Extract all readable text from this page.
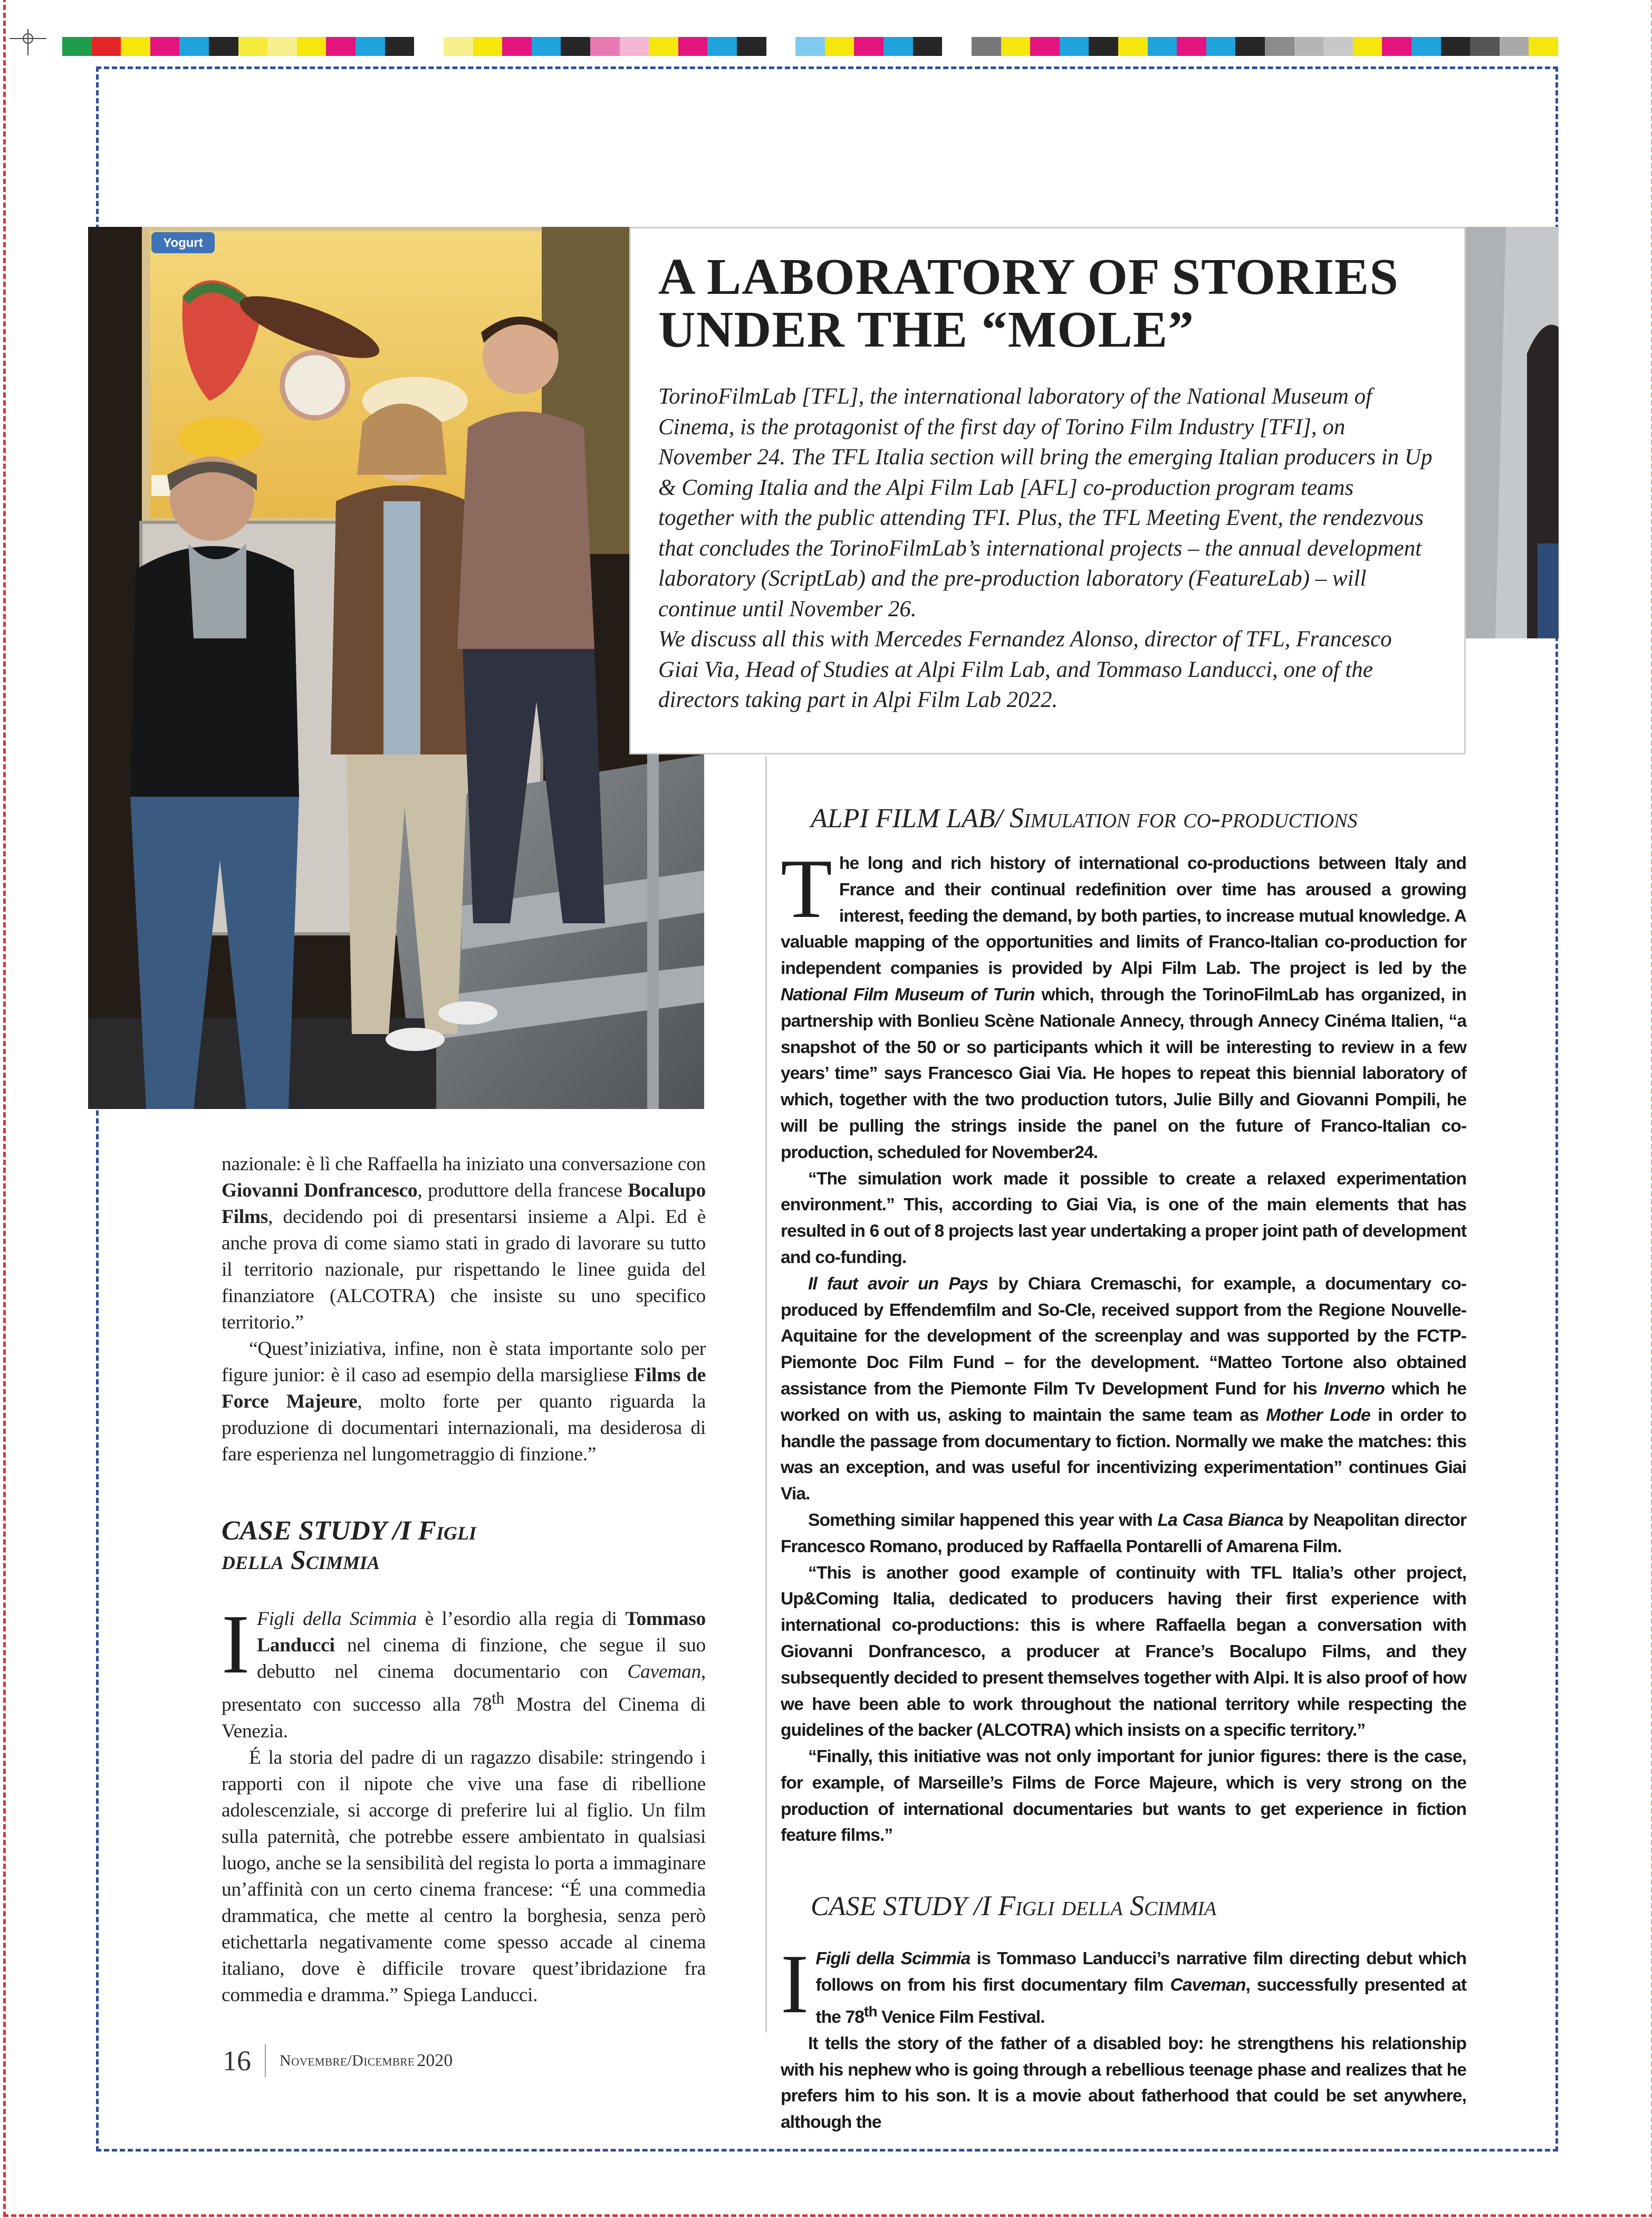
Yogurt
A LABORATORY OF STORIES
UNDER THE “MOLE”

TorinoFilmLab [TFL], the international laboratory of the National Museum of Cinema, is the protagonist of the first day of Torino Film Industry [TFI], on November 24. The TFL Italia section will bring the emerging Italian producers in Up & Coming Italia and the Alpi Film Lab [AFL] co-production program teams together with the public attending TFI. Plus, the TFL Meeting Event, the rendezvous that concludes the TorinoFilmLab’s international projects – the annual development laboratory (ScriptLab) and the pre-production laboratory (FeatureLab) – will continue until November 26.

We discuss all this with Mercedes Fernandez Alonso, director of TFL, Francesco Giai Via, Head of Studies at Alpi Film Lab, and Tommaso Landucci, one of the directors taking part in Alpi Film Lab 2022.

ALPI FILM LAB/ Simulation for co-productions

The long and rich history of international co-productions between Italy and France and their continual redefinition over time has aroused a growing interest, feeding the demand, by both parties, to increase mutual knowledge. A valuable mapping of the opportunities and limits of Franco-Italian co-production for independent companies is provided by Alpi Film Lab. The project is led by the National Film Museum of Turin which, through the TorinoFilmLab has organized, in partnership with Bonlieu Scène Nationale Annecy, through Annecy Cinéma Italien, “a snapshot of the 50 or so participants which it will be interesting to review in a few years’ time” says Francesco Giai Via. He hopes to repeat this biennial laboratory of which, together with the two production tutors, Julie Billy and Giovanni Pompili, he will be pulling the strings inside the panel on the future of Franco-Italian co-production, scheduled for November24.

“The simulation work made it possible to create a relaxed experimentation environment.” This, according to Giai Via, is one of the main elements that has resulted in 6 out of 8 projects last year undertaking a proper joint path of development and co-funding.

Il faut avoir un Pays by Chiara Cremaschi, for example, a documentary co-produced by Effendemfilm and So-Cle, received support from the Regione Nouvelle-Aquitaine for the development of the screenplay and was supported by the FCTP- Piemonte Doc Film Fund – for the development. “Matteo Tortone also obtained assistance from the Piemonte Film Tv Development Fund for his Inverno which he worked on with us, asking to maintain the same team as Mother Lode in order to handle the passage from documentary to fiction. Normally we make the matches: this was an exception, and was useful for incentivizing experimentation” continues Giai Via.

Something similar happened this year with La Casa Bianca by Neapolitan director Francesco Romano, produced by Raffaella Pontarelli of Amarena Film.

“This is another good example of continuity with TFL Italia’s other project, Up&Coming Italia, dedicated to producers having their first experience with international co-productions: this is where Raffaella began a conversation with Giovanni Donfrancesco, a producer at France’s Bocalupo Films, and they subsequently decided to present themselves together with Alpi. It is also proof of how we have been able to work throughout the national territory while respecting the guidelines of the backer (ALCOTRA) which insists on a specific territory.”

“Finally, this initiative was not only important for junior figures: there is the case, for example, of Marseille’s Films de Force Majeure, which is very strong on the production of international documentaries but wants to get experience in fiction feature films.”

CASE STUDY /I Figli della Scimmia

I Figli della Scimmia is Tommaso Landucci’s narrative film directing debut which follows on from his first documentary film Caveman, successfully presented at the 78th Venice Film Festival.

It tells the story of the father of a disabled boy: he strengthens his relationship with his nephew who is going through a rebellious teenage phase and realizes that he prefers him to his son. It is a movie about fatherhood that could be set anywhere, although the

nazionale: è lì che Raffaella ha iniziato una conversazione con Giovanni Donfrancesco, produttore della francese Bocalupo Films, decidendo poi di presentarsi insieme a Alpi. Ed è anche prova di come siamo stati in grado di lavorare su tutto il territorio nazionale, pur rispettando le linee guida del finanziatore (ALCOTRA) che insiste su uno specifico territorio.”

“Quest’iniziativa, infine, non è stata importante solo per figure junior: è il caso ad esempio della marsigliese Films de Force Majeure, molto forte per quanto riguarda la produzione di documentari internazionali, ma desiderosa di fare esperienza nel lungometraggio di finzione.”

CASE STUDY /I Figli
della Scimmia

I Figli della Scimmia è l’esordio alla regia di Tommaso Landucci nel cinema di finzione, che segue il suo debutto nel cinema documentario con Caveman, presentato con successo alla 78th Mostra del Cinema di Venezia.

É la storia del padre di un ragazzo disabile: stringendo i rapporti con il nipote che vive una fase di ribellione adolescenziale, si accorge di preferire lui al figlio. Un film sulla paternità, che potrebbe essere ambientato in qualsiasi luogo, anche se la sensibilità del regista lo porta a immaginare un’affinità con un certo cinema francese: “É una commedia drammatica, che mette al centro la borghesia, senza però etichettarla negativamente come spesso accade al cinema italiano, dove è difficile trovare quest’ibridazione fra commedia e dramma.” Spiega Landucci.

16 Novembre/Dicembre
2020
